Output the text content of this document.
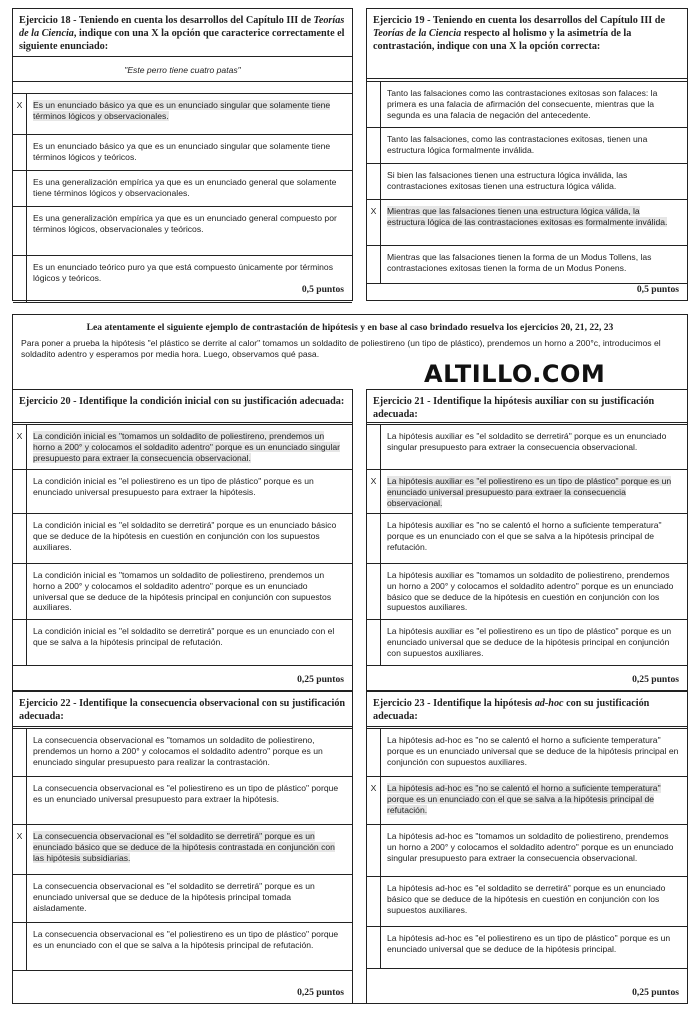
Ejercicio 18 - Teniendo en cuenta los desarrollos del Capítulo III de Teorías de la Ciencia, indique con una X la opción que caracterice correctamente el siguiente enunciado:
"Este perro tiene cuatro patas"
X	Es un enunciado básico ya que es un enunciado singular que solamente tiene términos lógicos y observacionales.
Es un enunciado básico ya que es un enunciado singular que solamente tiene términos lógicos y teóricos.
Es una generalización empírica ya que es un enunciado general que solamente tiene términos lógicos y observacionales.
Es una generalización empírica ya que es un enunciado general compuesto por términos lógicos, observacionales y teóricos.
Es un enunciado teórico puro ya que está compuesto únicamente por términos lógicos y teóricos.
0,5 puntos
Ejercicio 19 - Teniendo en cuenta los desarrollos del Capítulo III de Teorías de la Ciencia respecto al holismo y la asimetría de la contrastación, indique con una X la opción correcta:
Tanto las falsaciones como las contrastaciones exitosas son falaces: la primera es una falacia de afirmación del consecuente, mientras que la segunda es una falacia de negación del antecedente.
Tanto las falsaciones, como las contrastaciones exitosas, tienen una estructura lógica formalmente inválida.
Si bien las falsaciones tienen una estructura lógica inválida, las contrastaciones exitosas tienen una estructura lógica válida.
X	Mientras que las falsaciones tienen una estructura lógica válida, la estructura lógica de las contrastaciones exitosas es formalmente inválida.
Mientras que las falsaciones tienen la forma de un Modus Tollens, las contrastaciones exitosas tienen la forma de un Modus Ponens.
0,5 puntos
Lea atentamente el siguiente ejemplo de contrastación de hipótesis y en base al caso brindado resuelva los ejercicios 20, 21, 22, 23
Para poner a prueba la hipótesis "el plástico se derrite al calor" tomamos un soldadito de poliestireno (un tipo de plástico), prendemos un horno a 200°c, introducimos el soldadito adentro y esperamos por media hora. Luego, observamos qué pasa.
ALTILLO.COM
Ejercicio 20 - Identifique la condición inicial con su justificación adecuada:
X	La condición inicial es "tomamos un soldadito de poliestireno, prendemos un horno a 200° y colocamos el soldadito adentro" porque es un enunciado singular presupuesto para extraer la consecuencia observacional.
La condición inicial es "el poliestireno es un tipo de plástico" porque es un enunciado universal presupuesto para extraer la hipótesis.
La condición inicial es "el soldadito se derretirá" porque es un enunciado básico que se deduce de la hipótesis en cuestión en conjunción con los supuestos auxiliares.
La condición inicial es "tomamos un soldadito de poliestireno, prendemos un horno a 200° y colocamos el soldadito adentro" porque es un enunciado universal que se deduce de la hipótesis principal en conjunción con supuestos auxiliares.
La condición inicial es "el soldadito se derretirá" porque es un enunciado con el que se salva a la hipótesis principal de refutación.
0,25 puntos
Ejercicio 21 - Identifique la hipótesis auxiliar con su justificación adecuada:
La hipótesis auxiliar es "el soldadito se derretirá" porque es un enunciado singular presupuesto para extraer la consecuencia observacional.
X	La hipótesis auxiliar es "el poliestireno es un tipo de plástico" porque es un enunciado universal presupuesto para extraer la consecuencia observacional.
La hipótesis auxiliar es "no se calentó el horno a suficiente temperatura" porque es un enunciado con el que se salva a la hipótesis principal de refutación.
La hipótesis auxiliar es "tomamos un soldadito de poliestireno, prendemos un horno a 200° y colocamos el soldadito adentro" porque es un enunciado básico que se deduce de la hipótesis en cuestión en conjunción con los supuestos auxiliares.
La hipótesis auxiliar es "el poliestireno es un tipo de plástico" porque es un enunciado universal que se deduce de la hipótesis principal en conjunción con supuestos auxiliares.
0,25 puntos
Ejercicio 22 - Identifique la consecuencia observacional con su justificación adecuada:
La consecuencia observacional es "tomamos un soldadito de poliestireno, prendemos un horno a 200° y colocamos el soldadito adentro" porque es un enunciado singular presupuesto para realizar la contrastación.
La consecuencia observacional es "el poliestireno es un tipo de plástico" porque es un enunciado universal presupuesto para extraer la hipótesis.
X	La consecuencia observacional es "el soldadito se derretirá" porque es un enunciado básico que se deduce de la hipótesis contrastada en conjunción con las hipótesis subsidiarias.
La consecuencia observacional es "el soldadito se derretirá" porque es un enunciado universal que se deduce de la hipótesis principal tomada aisladamente.
La consecuencia observacional es "el poliestireno es un tipo de plástico" porque es un enunciado con el que se salva a la hipótesis principal de refutación.
0,25 puntos
Ejercicio 23 - Identifique la hipótesis ad-hoc con su justificación adecuada:
La hipótesis ad-hoc es "no se calentó el horno a suficiente temperatura" porque es un enunciado universal que se deduce de la hipótesis principal en conjunción con supuestos auxiliares.
X	La hipótesis ad-hoc es "no se calentó el horno a suficiente temperatura" porque es un enunciado con el que se salva a la hipótesis principal de refutación.
La hipótesis ad-hoc es "tomamos un soldadito de poliestireno, prendemos un horno a 200° y colocamos el soldadito adentro" porque es un enunciado singular presupuesto para extraer la consecuencia observacional.
La hipótesis ad-hoc es "el soldadito se derretirá" porque es un enunciado básico que se deduce de la hipótesis en cuestión en conjunción con los supuestos auxiliares.
La hipótesis ad-hoc es "el poliestireno es un tipo de plástico" porque es un enunciado universal que se deduce de la hipótesis principal.
0,25 puntos
